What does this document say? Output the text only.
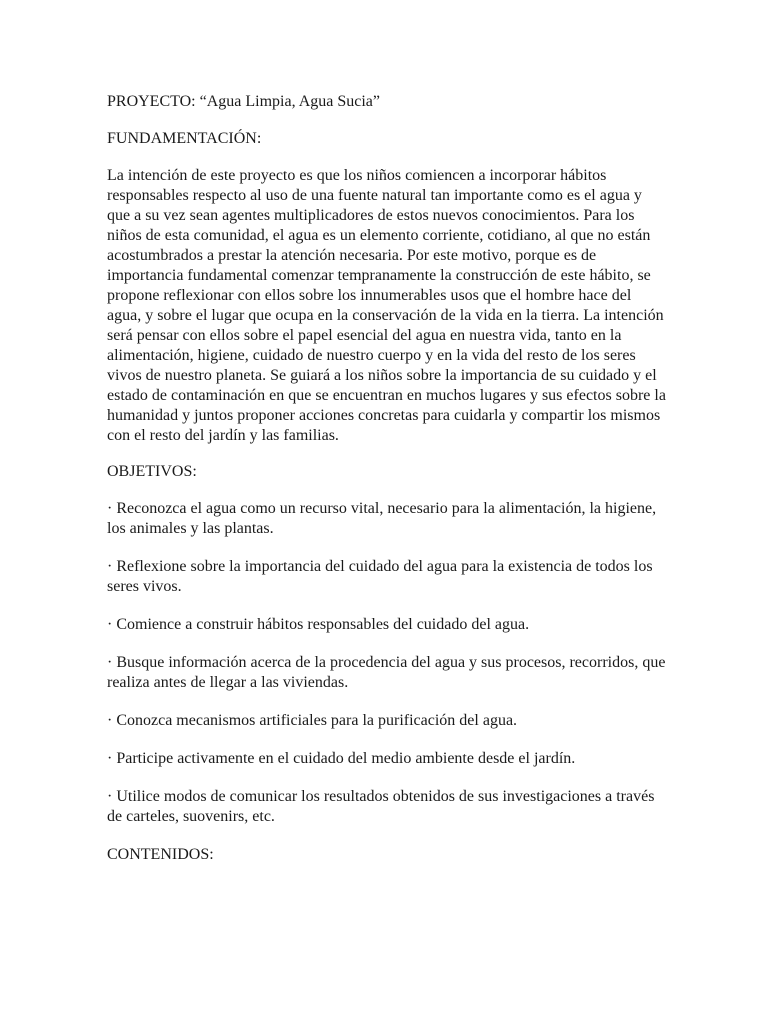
PROYECTO: “Agua Limpia, Agua Sucia”

FUNDAMENTACIÓN:

La intención de este proyecto es que los niños comiencen a incorporar hábitos responsables respecto al uso de una fuente natural tan importante como es el agua y que a su vez sean agentes multiplicadores de estos nuevos conocimientos. Para los niños de esta comunidad, el agua es un elemento corriente, cotidiano, al que no están acostumbrados a prestar la atención necesaria. Por este motivo, porque es de importancia fundamental comenzar tempranamente la construcción de este hábito, se propone reflexionar con ellos sobre los innumerables usos que el hombre hace del agua, y sobre el lugar que ocupa en la conservación de la vida en la tierra. La intención será pensar con ellos sobre el papel esencial del agua en nuestra vida, tanto en la alimentación, higiene, cuidado de nuestro cuerpo y en la vida del resto de los seres vivos de nuestro planeta. Se guiará a los niños sobre la importancia de su cuidado y el estado de contaminación en que se encuentran en muchos lugares y sus efectos sobre la humanidad y juntos proponer acciones concretas para cuidarla y compartir los mismos con el resto del jardín y las familias.

OBJETIVOS:

· Reconozca el agua como un recurso vital, necesario para la alimentación, la higiene, los animales y las plantas.

· Reflexione sobre la importancia del cuidado del agua para la existencia de todos los seres vivos.

· Comience a construir hábitos responsables del cuidado del agua.

· Busque información acerca de la procedencia del agua y sus procesos, recorridos, que realiza antes de llegar a las viviendas.

· Conozca mecanismos artificiales para la purificación del agua.

· Participe activamente en el cuidado del medio ambiente desde el jardín.

· Utilice modos de comunicar los resultados obtenidos de sus investigaciones a través de carteles, suovenirs, etc.

CONTENIDOS:
